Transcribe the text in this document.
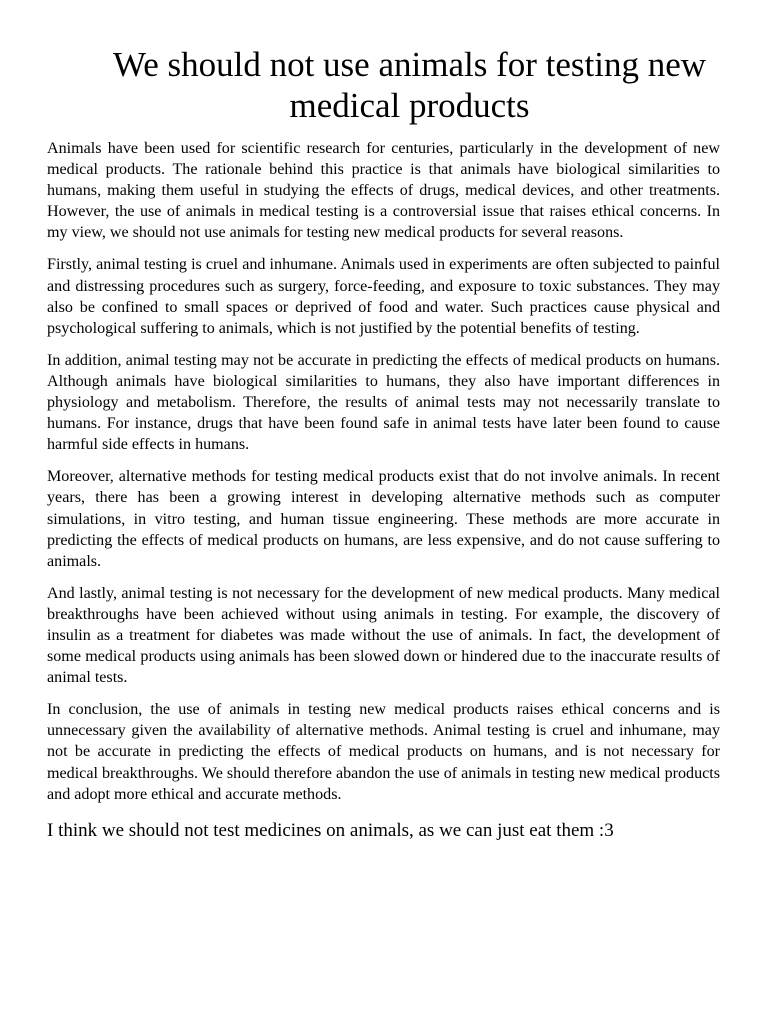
We should not use animals for testing new medical products

Animals have been used for scientific research for centuries, particularly in the development of new medical products. The rationale behind this practice is that animals have biological similarities to humans, making them useful in studying the effects of drugs, medical devices, and other treatments. However, the use of animals in medical testing is a controversial issue that raises ethical concerns. In my view, we should not use animals for testing new medical products for several reasons.

Firstly, animal testing is cruel and inhumane. Animals used in experiments are often subjected to painful and distressing procedures such as surgery, force-feeding, and exposure to toxic substances. They may also be confined to small spaces or deprived of food and water. Such practices cause physical and psychological suffering to animals, which is not justified by the potential benefits of testing.

In addition, animal testing may not be accurate in predicting the effects of medical products on humans. Although animals have biological similarities to humans, they also have important differences in physiology and metabolism. Therefore, the results of animal tests may not necessarily translate to humans. For instance, drugs that have been found safe in animal tests have later been found to cause harmful side effects in humans.

Moreover, alternative methods for testing medical products exist that do not involve animals. In recent years, there has been a growing interest in developing alternative methods such as computer simulations, in vitro testing, and human tissue engineering. These methods are more accurate in predicting the effects of medical products on humans, are less expensive, and do not cause suffering to animals.

And lastly, animal testing is not necessary for the development of new medical products. Many medical breakthroughs have been achieved without using animals in testing. For example, the discovery of insulin as a treatment for diabetes was made without the use of animals. In fact, the development of some medical products using animals has been slowed down or hindered due to the inaccurate results of animal tests.

In conclusion, the use of animals in testing new medical products raises ethical concerns and is unnecessary given the availability of alternative methods. Animal testing is cruel and inhumane, may not be accurate in predicting the effects of medical products on humans, and is not necessary for medical breakthroughs. We should therefore abandon the use of animals in testing new medical products and adopt more ethical and accurate methods.

I think we should not test medicines on animals, as we can just eat them :3
